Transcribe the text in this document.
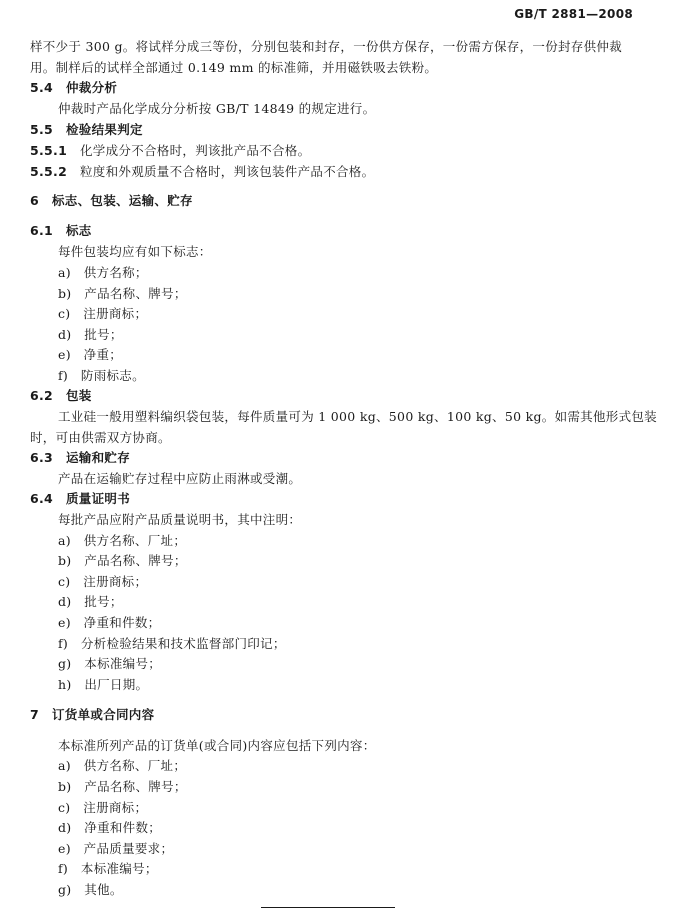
GB/T 2881—2008
样不少于 300 g。将试样分成三等份，分别包装和封存，一份供方保存，一份需方保存，一份封存供仲裁
用。制样后的试样全部通过 0.149 mm 的标准筛，并用磁铁吸去铁粉。
5.4 仲裁分析
仲裁时产品化学成分分析按 GB/T 14849 的规定进行。
5.5 检验结果判定
5.5.1 化学成分不合格时，判该批产品不合格。
5.5.2 粒度和外观质量不合格时，判该包装件产品不合格。
6 标志、包装、运输、贮存
6.1 标志
每件包装均应有如下标志：
a)　供方名称；
b)　产品名称、牌号；
c)　注册商标；
d)　批号；
e)　净重；
f)　防雨标志。
6.2 包装
工业硅一般用塑料编织袋包装，每件质量可为 1 000 kg、500 kg、100 kg、50 kg。如需其他形式包装
时，可由供需双方协商。
6.3 运输和贮存
产品在运输贮存过程中应防止雨淋或受潮。
6.4 质量证明书
每批产品应附产品质量说明书，其中注明：
a)　供方名称、厂址；
b)　产品名称、牌号；
c)　注册商标；
d)　批号；
e)　净重和件数；
f)　分析检验结果和技术监督部门印记；
g)　本标准编号；
h)　出厂日期。
7 订货单或合同内容
本标准所列产品的订货单(或合同)内容应包括下列内容：
a)　供方名称、厂址；
b)　产品名称、牌号；
c)　注册商标；
d)　净重和件数；
e)　产品质量要求；
f)　本标准编号；
g)　其他。
